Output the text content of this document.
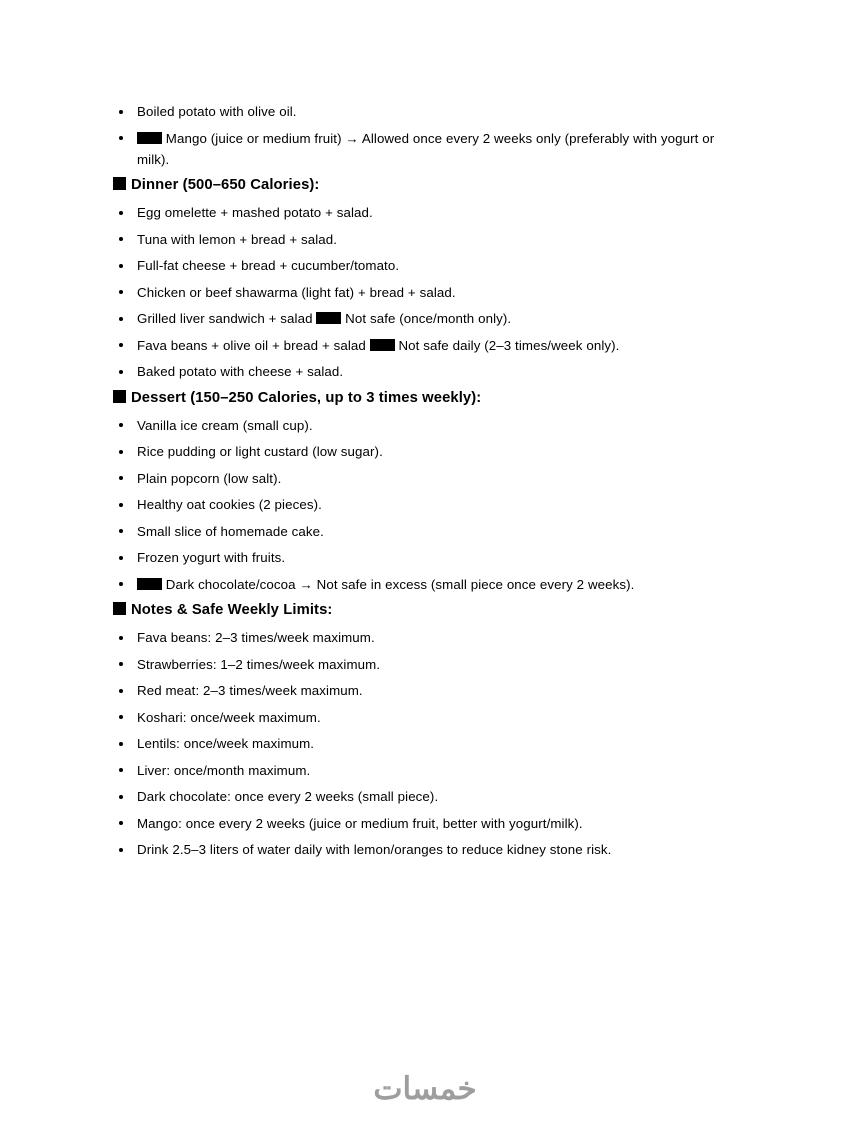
Boiled potato with olive oil.
Mango (juice or medium fruit) → Allowed once every 2 weeks only (preferably with yogurt or milk).
Dinner (500–650 Calories):
Egg omelette + mashed potato + salad.
Tuna with lemon + bread + salad.
Full-fat cheese + bread + cucumber/tomato.
Chicken or beef shawarma (light fat) + bread + salad.
Grilled liver sandwich + salad  Not safe (once/month only).
Fava beans + olive oil + bread + salad  Not safe daily (2–3 times/week only).
Baked potato with cheese + salad.
Dessert (150–250 Calories, up to 3 times weekly):
Vanilla ice cream (small cup).
Rice pudding or light custard (low sugar).
Plain popcorn (low salt).
Healthy oat cookies (2 pieces).
Small slice of homemade cake.
Frozen yogurt with fruits.
Dark chocolate/cocoa → Not safe in excess (small piece once every 2 weeks).
Notes & Safe Weekly Limits:
Fava beans: 2–3 times/week maximum.
Strawberries: 1–2 times/week maximum.
Red meat: 2–3 times/week maximum.
Koshari: once/week maximum.
Lentils: once/week maximum.
Liver: once/month maximum.
Dark chocolate: once every 2 weeks (small piece).
Mango: once every 2 weeks (juice or medium fruit, better with yogurt/milk).
Drink 2.5–3 liters of water daily with lemon/oranges to reduce kidney stone risk.
خمسات
